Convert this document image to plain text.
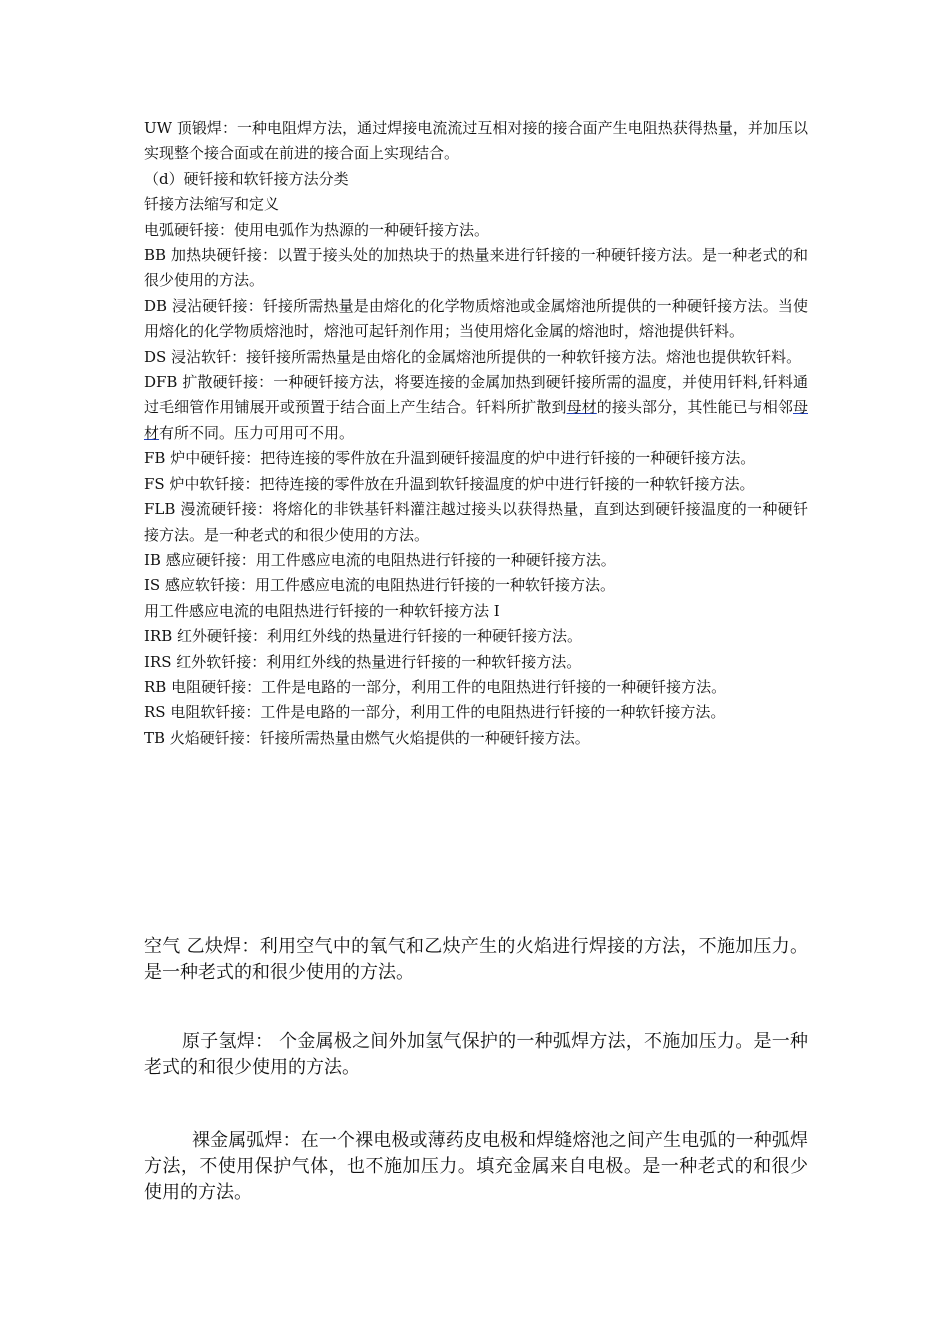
UW 顶锻焊：一种电阻焊方法，通过焊接电流流过互相对接的接合面产生电阻热获得热量，并加压以实现整个接合面或在前进的接合面上实现结合。

（d）硬钎接和软钎接方法分类

钎接方法缩写和定义

电弧硬钎接：使用电弧作为热源的一种硬钎接方法。

BB 加热块硬钎接：以置于接头处的加热块于的热量来进行钎接的一种硬钎接方法。是一种老式的和很少使用的方法。

DB 浸沾硬钎接：钎接所需热量是由熔化的化学物质熔池或金属熔池所提供的一种硬钎接方法。当使用熔化的化学物质熔池时，熔池可起钎剂作用；当使用熔化金属的熔池时，熔池提供钎料。

DS 浸沾软钎：接钎接所需热量是由熔化的金属熔池所提供的一种软钎接方法。熔池也提供软钎料。

DFB 扩散硬钎接：一种硬钎接方法，将要连接的金属加热到硬钎接所需的温度，并使用钎料,钎料通过毛细管作用铺展开或预置于结合面上产生结合。钎料所扩散到母材的接头部分，其性能已与相邻母材有所不同。压力可用可不用。

FB 炉中硬钎接：把待连接的零件放在升温到硬钎接温度的炉中进行钎接的一种硬钎接方法。

FS 炉中软钎接：把待连接的零件放在升温到软钎接温度的炉中进行钎接的一种软钎接方法。

FLB 漫流硬钎接：将熔化的非铁基钎料灌注越过接头以获得热量，直到达到硬钎接温度的一种硬钎接方法。是一种老式的和很少使用的方法。

IB 感应硬钎接：用工件感应电流的电阻热进行钎接的一种硬钎接方法。

IS 感应软钎接：用工件感应电流的电阻热进行钎接的一种软钎接方法。

用工件感应电流的电阻热进行钎接的一种软钎接方法 I

IRB 红外硬钎接：利用红外线的热量进行钎接的一种硬钎接方法。

IRS 红外软钎接：利用红外线的热量进行钎接的一种软钎接方法。

RB 电阻硬钎接：工件是电路的一部分，利用工件的电阻热进行钎接的一种硬钎接方法。

RS 电阻软钎接：工件是电路的一部分，利用工件的电阻热进行钎接的一种软钎接方法。

TB 火焰硬钎接：钎接所需热量由燃气火焰提供的一种硬钎接方法。

空气 乙炔焊：利用空气中的氧气和乙炔产生的火焰进行焊接的方法，不施加压力。是一种老式的和很少使用的方法。

原子氢焊： 个金属极之间外加氢气保护的一种弧焊方法，不施加压力。是一种老式的和很少使用的方法。

裸金属弧焊：在一个裸电极或薄药皮电极和焊缝熔池之间产生电弧的一种弧焊方法，不使用保护气体，也不施加压力。填充金属来自电极。是一种老式的和很少使用的方法。
